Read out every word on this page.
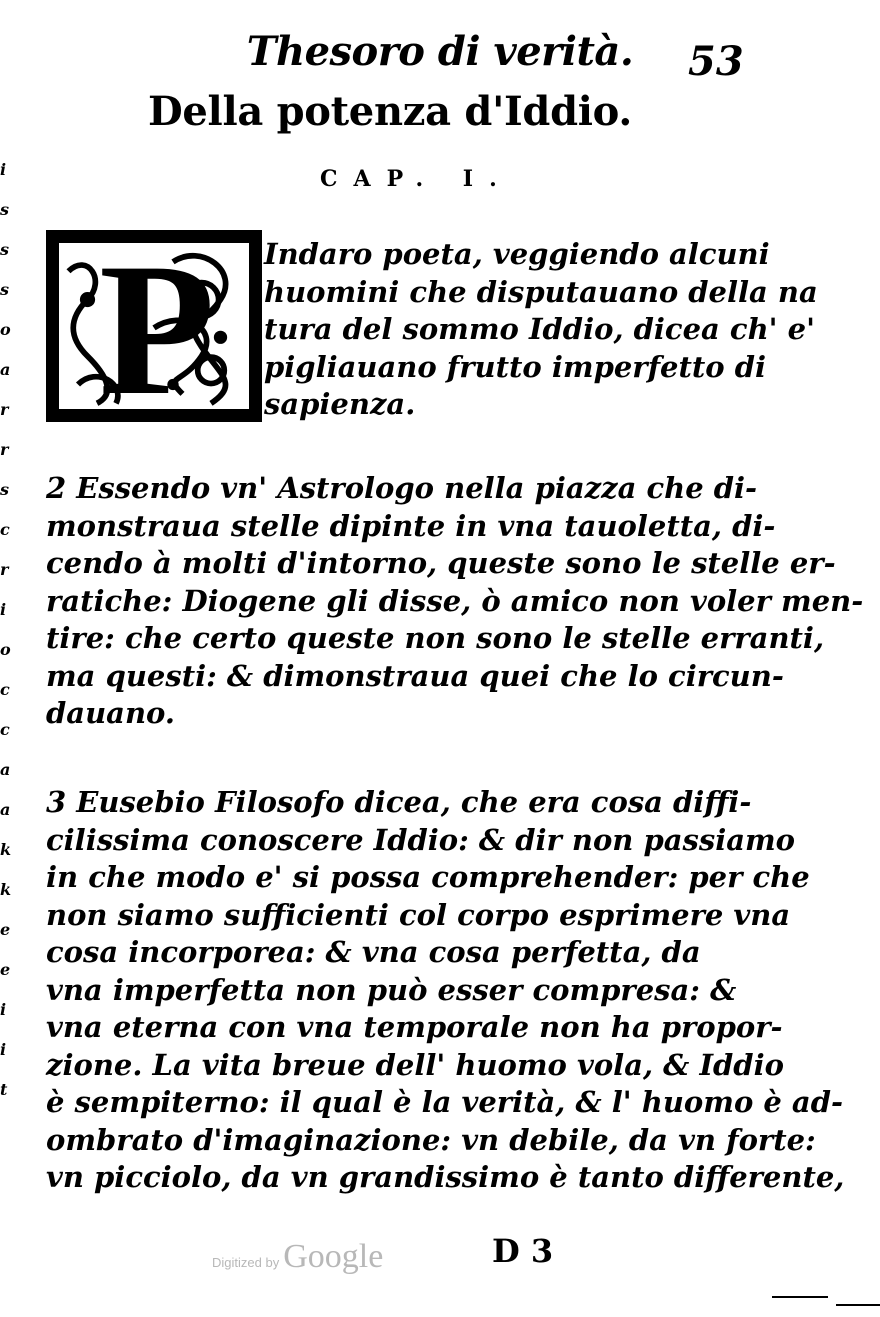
Thesoro di verità.	53
Della potenza d'Iddio.
CAP. I.
P Indaro poeta, veggiendo alcuni
huomini che disputauano della na
tura del sommo Iddio, dicea ch' e'
pigliauano frutto imperfetto di
sapienza.

2 Essendo vn' Astrologo nella piazza che di-
monstraua stelle dipinte in vna tauoletta, di-
cendo à molti d'intorno, queste sono le stelle er-
ratiche: Diogene gli disse, ò amico non voler men-
tire: che certo queste non sono le stelle erranti,
ma questi: & dimonstraua quei che lo circun-
dauano.

3 Eusebio Filosofo dicea, che era cosa diffi-
cilissima conoscere Iddio: & dir non passiamo
in che modo e' si possa comprehender: per che
non siamo sufficienti col corpo esprimere vna
cosa incorporea: & vna cosa perfetta, da
vna imperfetta non può esser compresa: &
vna eterna con vna temporale non ha propor-
zione. La vita breue dell' huomo vola, & Iddio
è sempiterno: il qual è la verità, & l' huomo è ad-
ombrato d'imaginazione: vn debile, da vn forte:
vn picciolo, da vn grandissimo è tanto differente,

i
s
s
s
o
a
r
r
s
c
r
i
o
c
c
a
a
k
k
e
e
i
i
t
Digitized by Google	D 3
